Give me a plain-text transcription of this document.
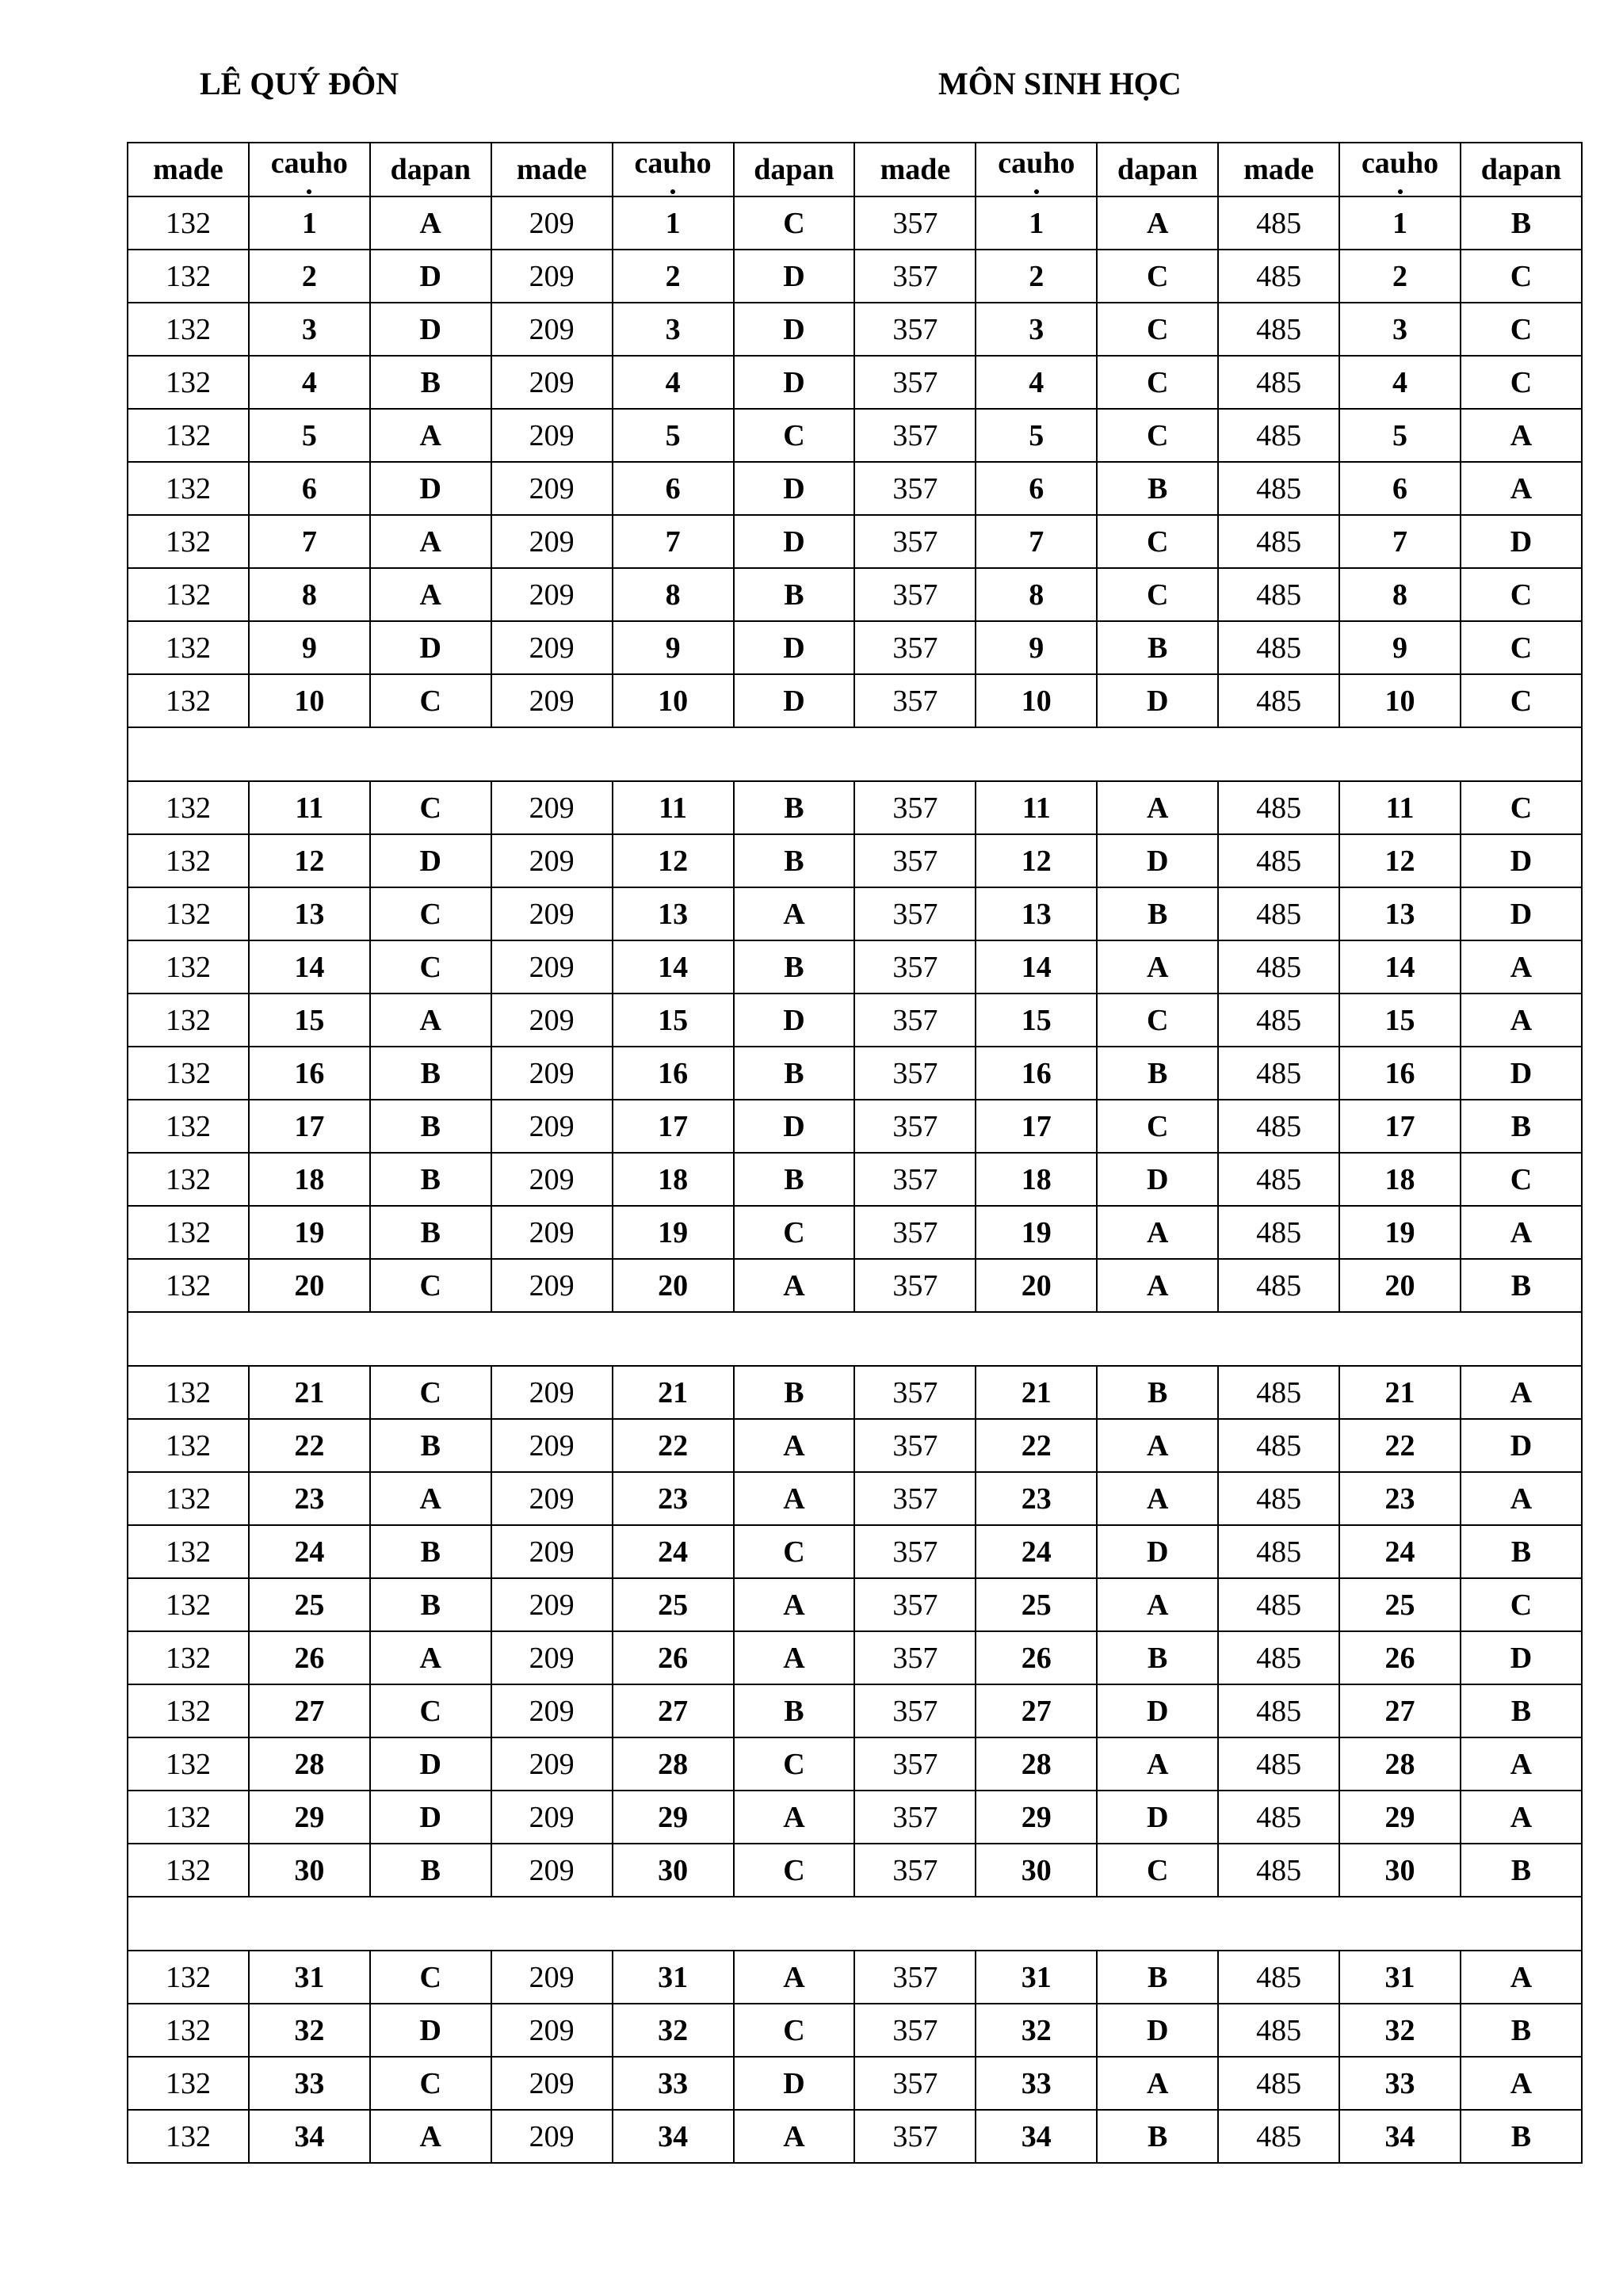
LÊ QUÝ ĐÔN	MÔN SINH HỌC
made	cauho	dapan	made	cauho	dapan	made	cauho	dapan	made	cauho	dapan
132	1	A	209	1	C	357	1	A	485	1	B
132	2	D	209	2	D	357	2	C	485	2	C
132	3	D	209	3	D	357	3	C	485	3	C
132	4	B	209	4	D	357	4	C	485	4	C
132	5	A	209	5	C	357	5	C	485	5	A
132	6	D	209	6	D	357	6	B	485	6	A
132	7	A	209	7	D	357	7	C	485	7	D
132	8	A	209	8	B	357	8	C	485	8	C
132	9	D	209	9	D	357	9	B	485	9	C
132	10	C	209	10	D	357	10	D	485	10	C

132	11	C	209	11	B	357	11	A	485	11	C
132	12	D	209	12	B	357	12	D	485	12	D
132	13	C	209	13	A	357	13	B	485	13	D
132	14	C	209	14	B	357	14	A	485	14	A
132	15	A	209	15	D	357	15	C	485	15	A
132	16	B	209	16	B	357	16	B	485	16	D
132	17	B	209	17	D	357	17	C	485	17	B
132	18	B	209	18	B	357	18	D	485	18	C
132	19	B	209	19	C	357	19	A	485	19	A
132	20	C	209	20	A	357	20	A	485	20	B

132	21	C	209	21	B	357	21	B	485	21	A
132	22	B	209	22	A	357	22	A	485	22	D
132	23	A	209	23	A	357	23	A	485	23	A
132	24	B	209	24	C	357	24	D	485	24	B
132	25	B	209	25	A	357	25	A	485	25	C
132	26	A	209	26	A	357	26	B	485	26	D
132	27	C	209	27	B	357	27	D	485	27	B
132	28	D	209	28	C	357	28	A	485	28	A
132	29	D	209	29	A	357	29	D	485	29	A
132	30	B	209	30	C	357	30	C	485	30	B

132	31	C	209	31	A	357	31	B	485	31	A
132	32	D	209	32	C	357	32	D	485	32	B
132	33	C	209	33	D	357	33	A	485	33	A
132	34	A	209	34	A	357	34	B	485	34	B
